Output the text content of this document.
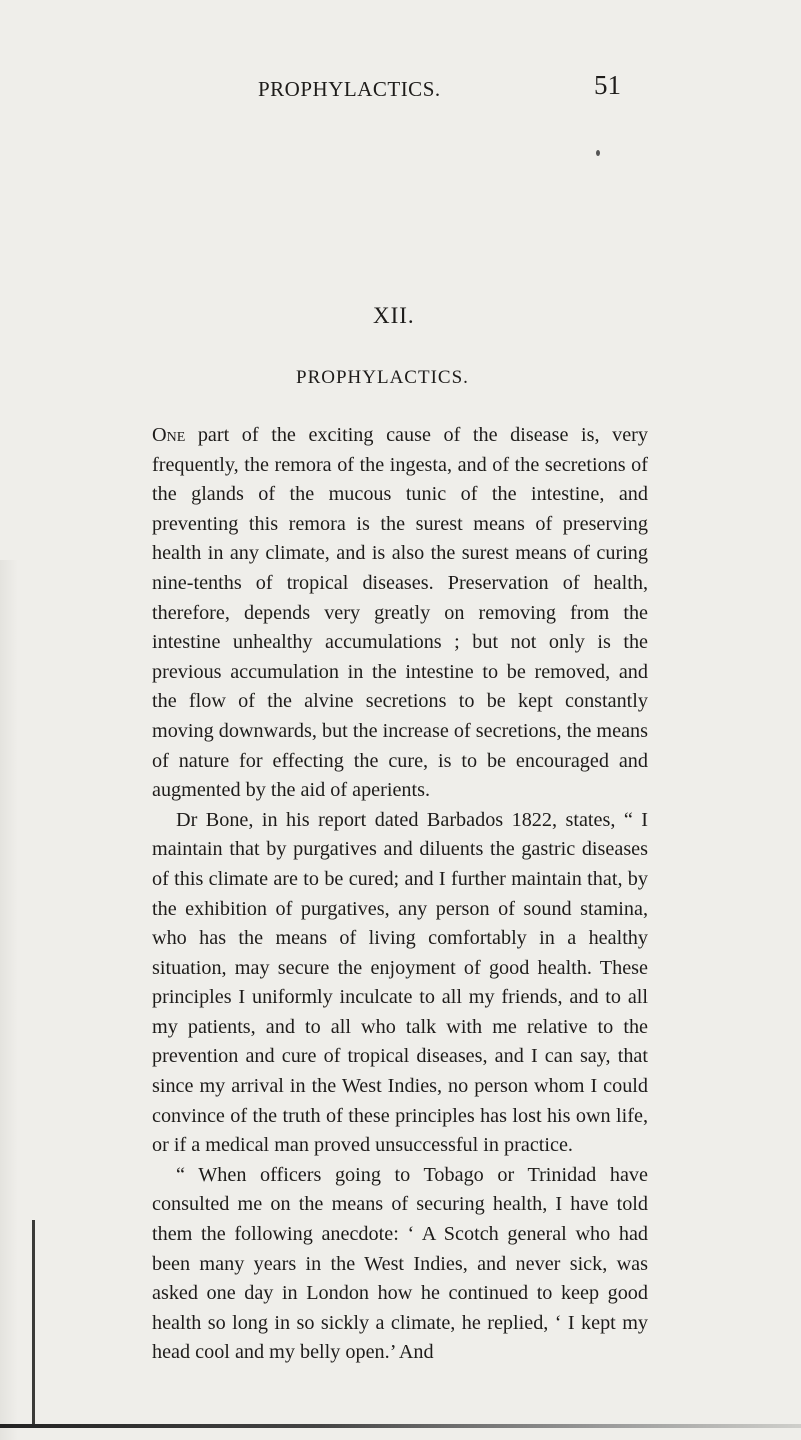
PROPHYLACTICS.	51
XII.
PROPHYLACTICS.

One part of the exciting cause of the disease is, very frequently, the remora of the ingesta, and of the secretions of the glands of the mucous tunic of the intestine, and preventing this remora is the surest means of preserving health in any climate, and is also the surest means of curing nine-tenths of tropical diseases. Preservation of health, therefore, depends very greatly on removing from the intestine unhealthy accumulations ; but not only is the previous accumulation in the intestine to be removed, and the flow of the alvine secretions to be kept constantly moving downwards, but the increase of secretions, the means of nature for effecting the cure, is to be encouraged and augmented by the aid of aperients.

Dr Bone, in his report dated Barbados 1822, states, “ I maintain that by purgatives and diluents the gastric diseases of this climate are to be cured; and I further maintain that, by the exhibition of purgatives, any person of sound stamina, who has the means of living comfortably in a healthy situation, may secure the enjoyment of good health. These principles I uniformly inculcate to all my friends, and to all my patients, and to all who talk with me relative to the prevention and cure of tropical diseases, and I can say, that since my arrival in the West Indies, no person whom I could convince of the truth of these principles has lost his own life, or if a medical man proved unsuccessful in practice.

“ When officers going to Tobago or Trinidad have consulted me on the means of securing health, I have told them the following anecdote: ‘ A Scotch general who had been many years in the West Indies, and never sick, was asked one day in London how he continued to keep good health so long in so sickly a climate, he replied, ‘ I kept my head cool and my belly open.’ And
